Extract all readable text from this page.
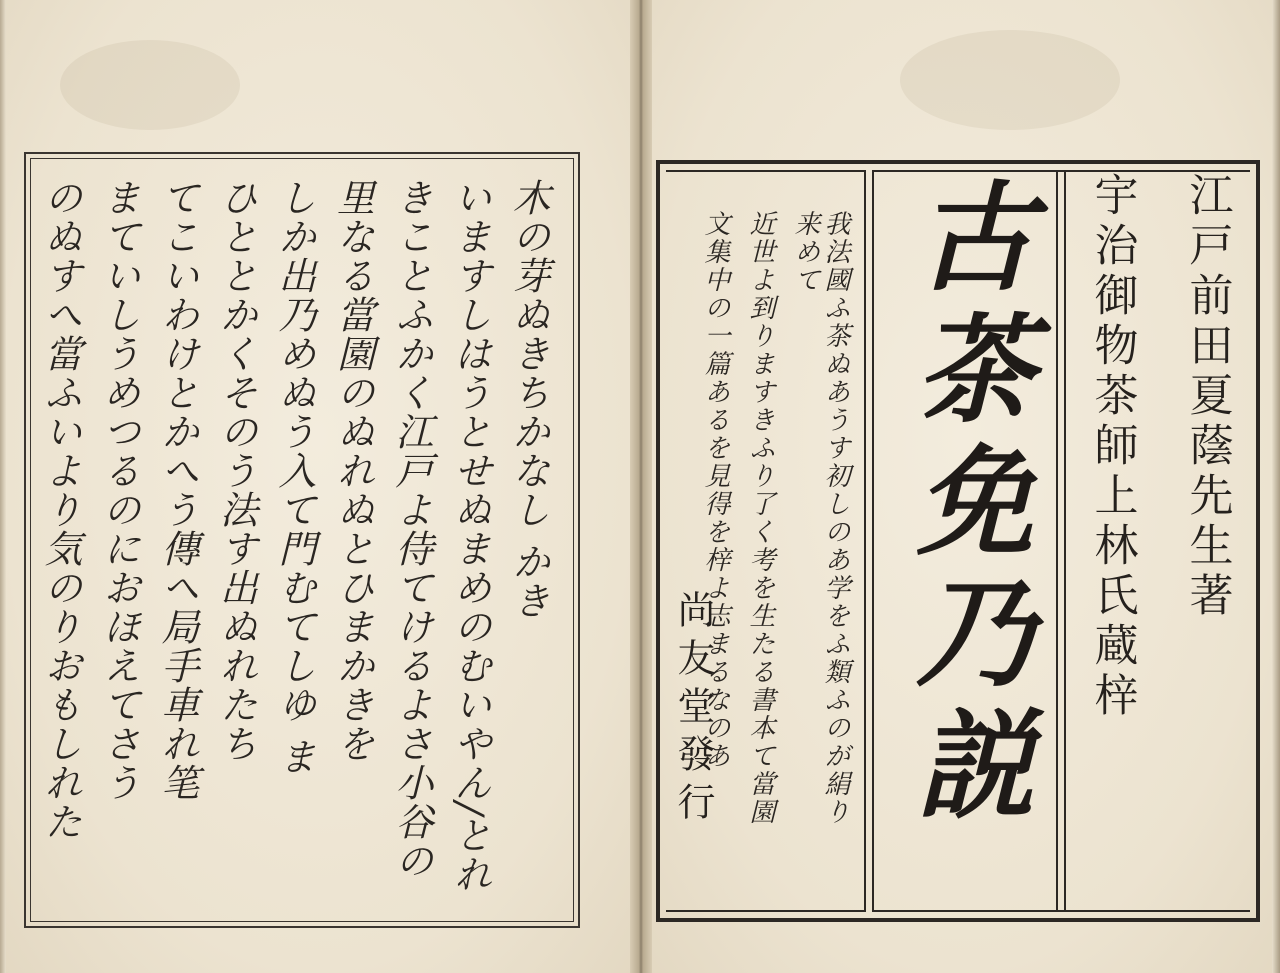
木の芽ぬきちかなし かき
いますしはうとせぬまめのむいやん/とれ
きことふかく江戸よ侍てけるよさ小谷の
里なる當園のぬれぬとひまかきを
しか出乃めぬう入て門むてしゆ ま
ひととかくそのう法す出ぬれたち
てこいわけとかへう傳ヘ局手車れ笔
まていしうめつるのにおほえてさう
のぬすへ當ふいより気のりおもしれた	江戸前田夏蔭先生著
宇治御物茶師上林氏蔵梓
古茶免乃説
我法國ふ茶ぬあうす初しのあ学をふ類ふのが絹り来めて
近世よ到りますきふり了く考を生たる書本て當園
文集中の一篇あるを見得を梓よ志まるなのあ
尚友堂發行
